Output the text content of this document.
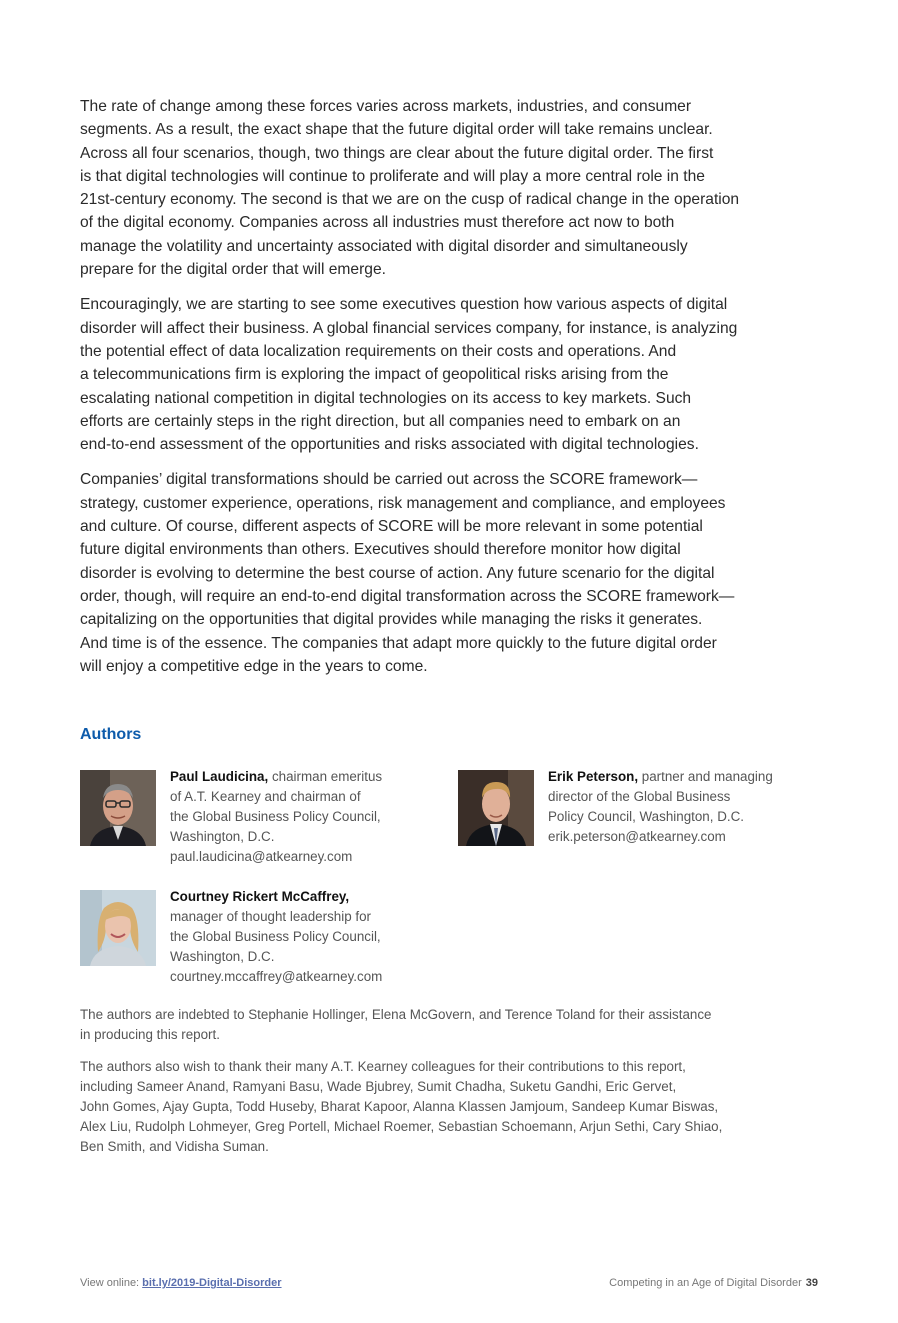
The rate of change among these forces varies across markets, industries, and consumer
segments. As a result, the exact shape that the future digital order will take remains unclear.
Across all four scenarios, though, two things are clear about the future digital order. The first
is that digital technologies will continue to proliferate and will play a more central role in the
21st-century economy. The second is that we are on the cusp of radical change in the operation
of the digital economy. Companies across all industries must therefore act now to both
manage the volatility and uncertainty associated with digital disorder and simultaneously
prepare for the digital order that will emerge.

Encouragingly, we are starting to see some executives question how various aspects of digital
disorder will affect their business. A global financial services company, for instance, is analyzing
the potential effect of data localization requirements on their costs and operations. And
a telecommunications firm is exploring the impact of geopolitical risks arising from the
escalating national competition in digital technologies on its access to key markets. Such
efforts are certainly steps in the right direction, but all companies need to embark on an
end-to-end assessment of the opportunities and risks associated with digital technologies.

Companies’ digital transformations should be carried out across the SCORE framework—
strategy, customer experience, operations, risk management and compliance, and employees
and culture. Of course, different aspects of SCORE will be more relevant in some potential
future digital environments than others. Executives should therefore monitor how digital
disorder is evolving to determine the best course of action. Any future scenario for the digital
order, though, will require an end-to-end digital transformation across the SCORE framework—
capitalizing on the opportunities that digital provides while managing the risks it generates.
And time is of the essence. The companies that adapt more quickly to the future digital order
will enjoy a competitive edge in the years to come.

Authors
Paul Laudicina, chairman emeritus
of A.T. Kearney and chairman of
the Global Business Policy Council,
Washington, D.C.
paul.laudicina@atkearney.com
Erik Peterson, partner and managing
director of the Global Business
Policy Council, Washington, D.C.
erik.peterson@atkearney.com
Courtney Rickert McCaffrey,
manager of thought leadership for
the Global Business Policy Council,
Washington, D.C.
courtney.mccaffrey@atkearney.com

The authors are indebted to Stephanie Hollinger, Elena McGovern, and Terence Toland for their assistance
in producing this report.

The authors also wish to thank their many A.T. Kearney colleagues for their contributions to this report,
including Sameer Anand, Ramyani Basu, Wade Bjubrey, Sumit Chadha, Suketu Gandhi, Eric Gervet,
John Gomes, Ajay Gupta, Todd Huseby, Bharat Kapoor, Alanna Klassen Jamjoum, Sandeep Kumar Biswas,
Alex Liu, Rudolph Lohmeyer, Greg Portell, Michael Roemer, Sebastian Schoemann, Arjun Sethi, Cary Shiao,
Ben Smith, and Vidisha Suman.

View online: bit.ly/2019-Digital-Disorder	Competing in an Age of Digital Disorder 39
